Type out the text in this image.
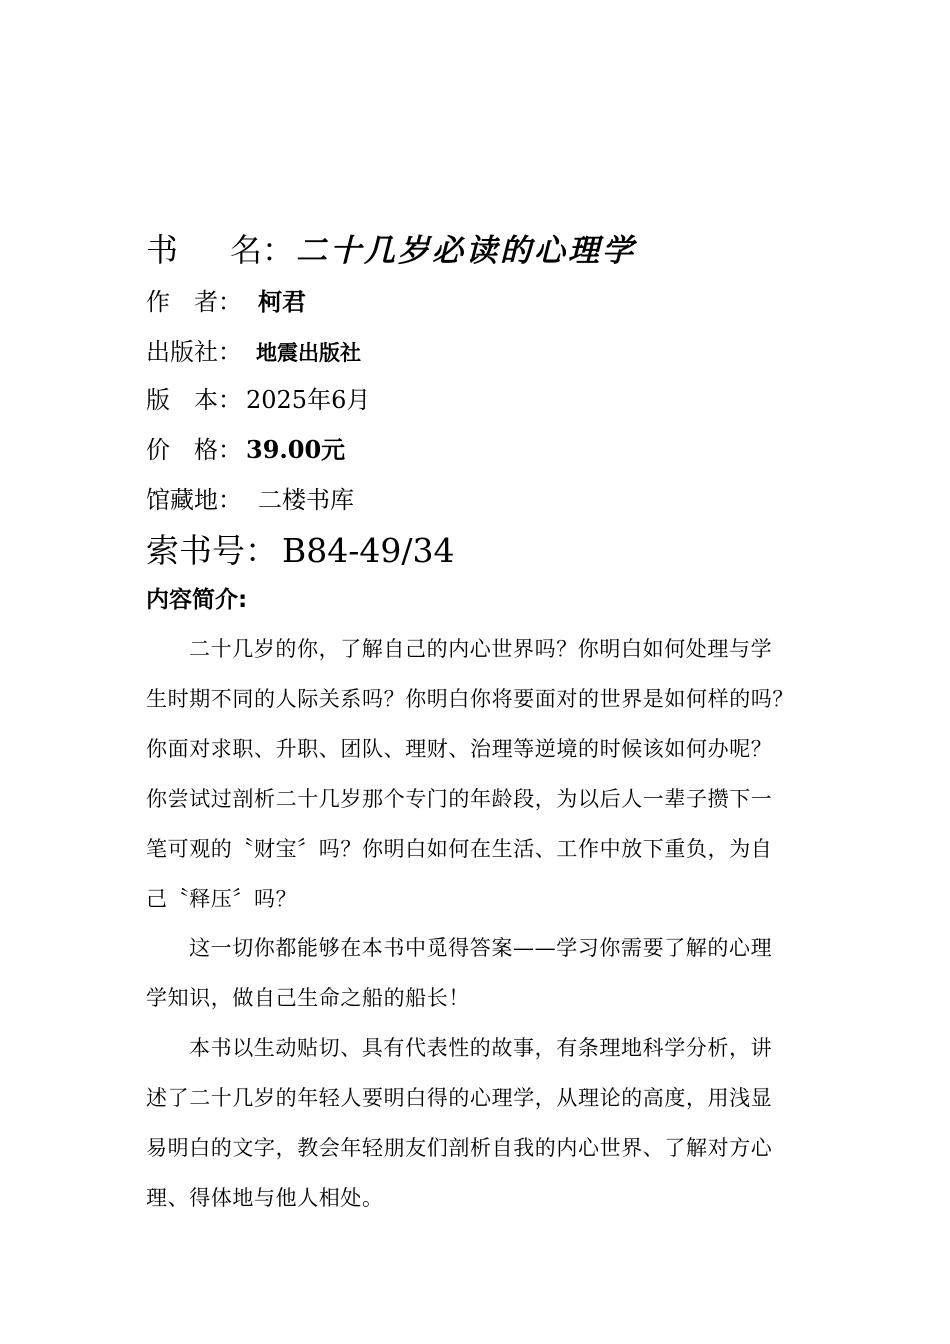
书 名：二十几岁必读的心理学
作　者： 柯君
出版社： 地震出版社
版　本： 2025年6月
价　格： 39.00元
馆藏地： 二楼书库
索书号： B84-49/34
内容简介:

二十几岁的你，了解自己的内心世界吗？你明白如何处理与学
生时期不同的人际关系吗？你明白你将要面对的世界是如何样的吗？
你面对求职、升职、团队、理财、治理等逆境的时候该如何办呢？
你尝试过剖析二十几岁那个专门的年龄段，为以后人一辈子攒下一
笔可观的〝财宝〞吗？你明白如何在生活、工作中放下重负，为自
己〝释压〞吗？

这一切你都能够在本书中觅得答案——学习你需要了解的心理
学知识，做自己生命之船的船长！

本书以生动贴切、具有代表性的故事，有条理地科学分析，讲
述了二十几岁的年轻人要明白得的心理学，从理论的高度，用浅显
易明白的文字，教会年轻朋友们剖析自我的内心世界、了解对方心
理、得体地与他人相处。
